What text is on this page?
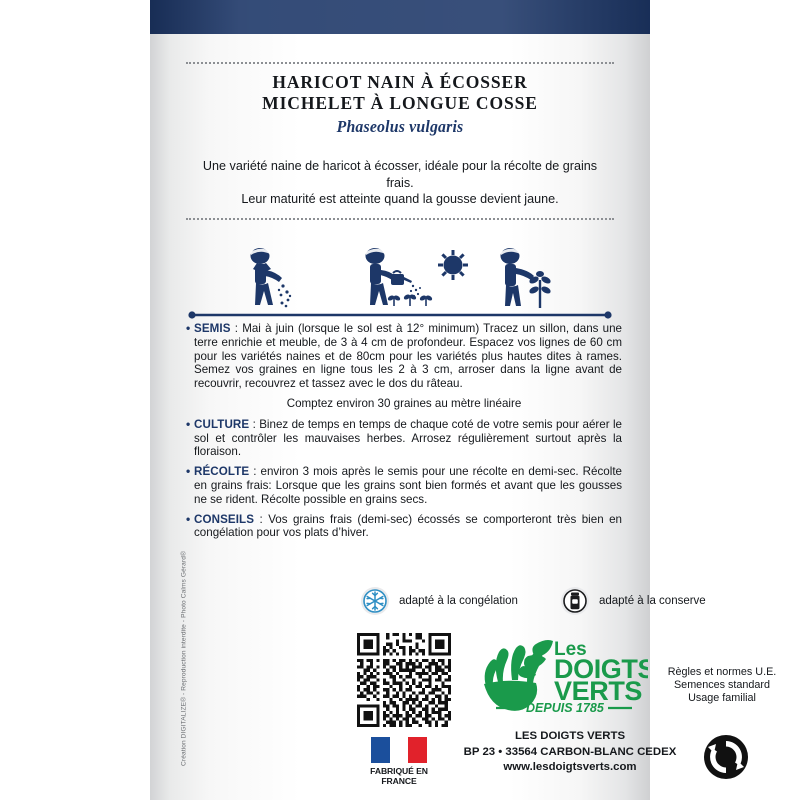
HARICOT NAIN À ÉCOSSER
MICHELET À LONGUE COSSE
Phaseolus vulgaris
Une variété naine de haricot à écosser, idéale pour la récolte de grains frais.
Leur maturité est atteinte quand la gousse devient jaune.
• SEMIS : Mai à juin (lorsque le sol est à 12° minimum) Tracez un sillon, dans une terre enrichie et meuble, de 3 à 4 cm de profondeur. Espacez vos lignes de 60 cm pour les variétés naines et de 80cm pour les variétés plus hautes dites à rames. Semez vos graines en ligne tous les 2 à 3 cm, arroser dans la ligne avant de recouvrir, recouvrez et tassez avec le dos du râteau.
Comptez environ 30 graines au mètre linéaire
• CULTURE : Binez de temps en temps de chaque coté de votre semis pour aérer le sol et contrôler les mauvaises herbes. Arrosez régulièrement surtout après la floraison.
• RÉCOLTE : environ 3 mois après le semis pour une récolte en demi-sec. Récolte en grains frais: Lorsque que les grains sont bien formés et avant que les gousses ne se rident. Récolte possible en grains secs.
• CONSEILS : Vos grains frais (demi-sec) écossés se comporteront très bien en congélation pour vos plats d’hiver.
adapté à la congélation	adapté à la conserve
Les
DOIGTS
VERTS
DEPUIS 1785
Règles et normes U.E.
Semences standard
Usage familial
FABRIQUÉ EN FRANCE
LES DOIGTS VERTS
BP 23 • 33564 CARBON-BLANC CEDEX
www.lesdoigtsverts.com
Création DIGITALIZE® - Reproduction interdite - Photo Calms Gérard®
